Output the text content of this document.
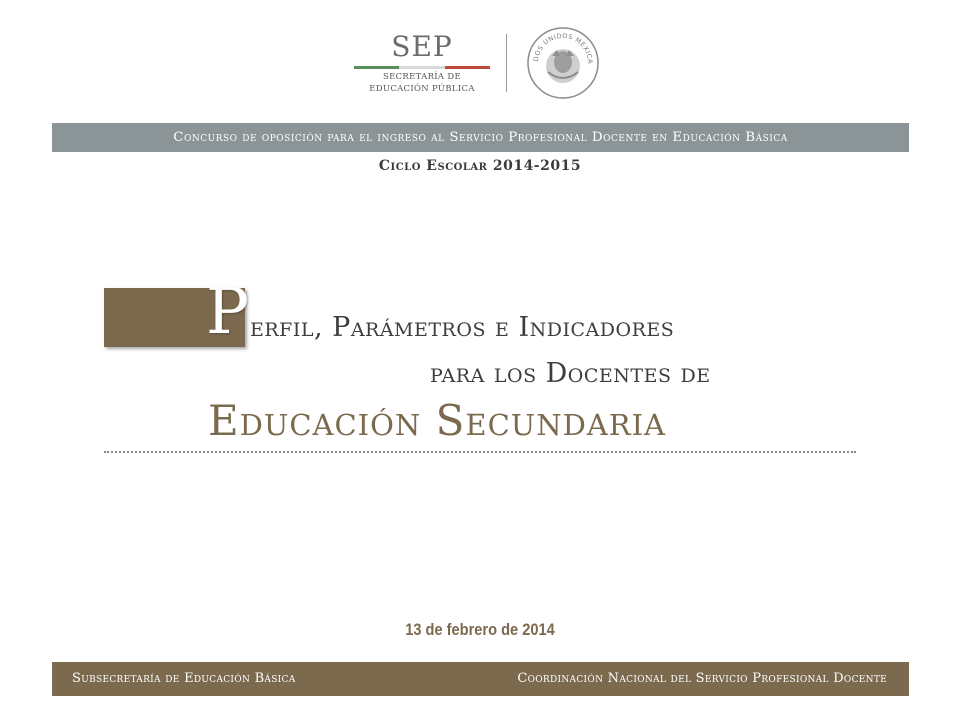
SEP
SECRETARÍA DE
EDUCACIÓN PÚBLICA
DOS UNIDOS MEXICA
Concurso de oposición para el ingreso al Servicio Profesional Docente en Educación Básica
Ciclo Escolar 2014-2015
P erfil, Parámetros e Indicadores
para los Docentes de
Educación Secundaria
13 de febrero de 2014
Subsecretaría de Educación Básica	Coordinación Nacional del Servicio Profesional Docente
